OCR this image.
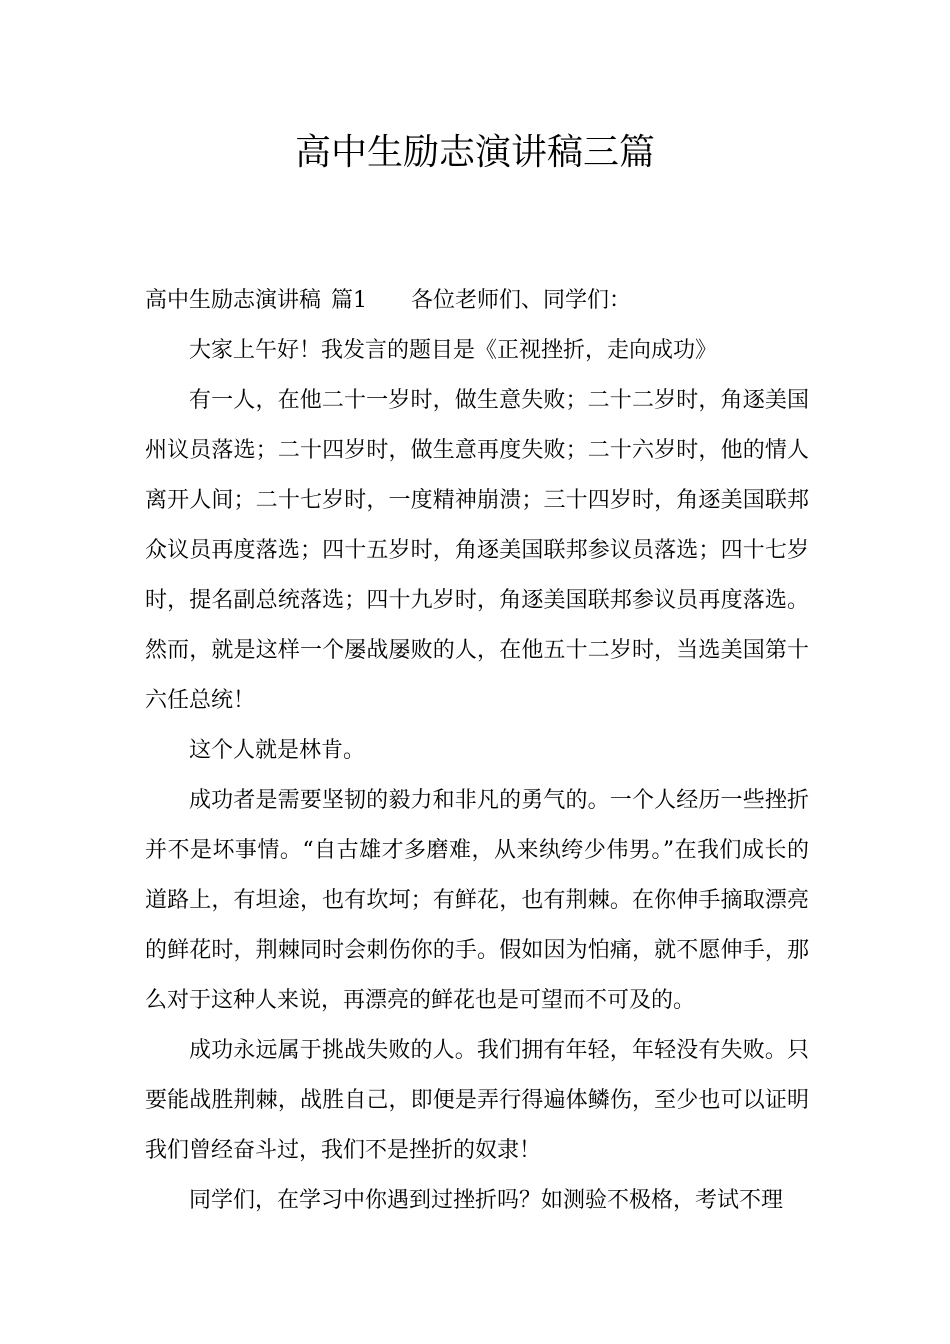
高中生励志演讲稿三篇

高中生励志演讲稿 篇1 各位老师们、同学们：

大家上午好！我发言的题目是《正视挫折，走向成功》

有一人，在他二十一岁时，做生意失败；二十二岁时，角逐美国州议员落选；二十四岁时，做生意再度失败；二十六岁时，他的情人离开人间；二十七岁时，一度精神崩溃；三十四岁时，角逐美国联邦众议员再度落选；四十五岁时，角逐美国联邦参议员落选；四十七岁时，提名副总统落选；四十九岁时，角逐美国联邦参议员再度落选。然而，就是这样一个屡战屡败的人，在他五十二岁时，当选美国第十六任总统！

这个人就是林肯。

成功者是需要坚韧的毅力和非凡的勇气的。一个人经历一些挫折并不是坏事情。“自古雄才多磨难，从来纨绔少伟男。”在我们成长的道路上，有坦途，也有坎坷；有鲜花，也有荆棘。在你伸手摘取漂亮的鲜花时，荆棘同时会刺伤你的手。假如因为怕痛，就不愿伸手，那么对于这种人来说，再漂亮的鲜花也是可望而不可及的。

成功永远属于挑战失败的人。我们拥有年轻，年轻没有失败。只要能战胜荆棘，战胜自己，即便是弄行得遍体鳞伤，至少也可以证明我们曾经奋斗过，我们不是挫折的奴隶！

同学们，在学习中你遇到过挫折吗？如测验不极格，考试不理
